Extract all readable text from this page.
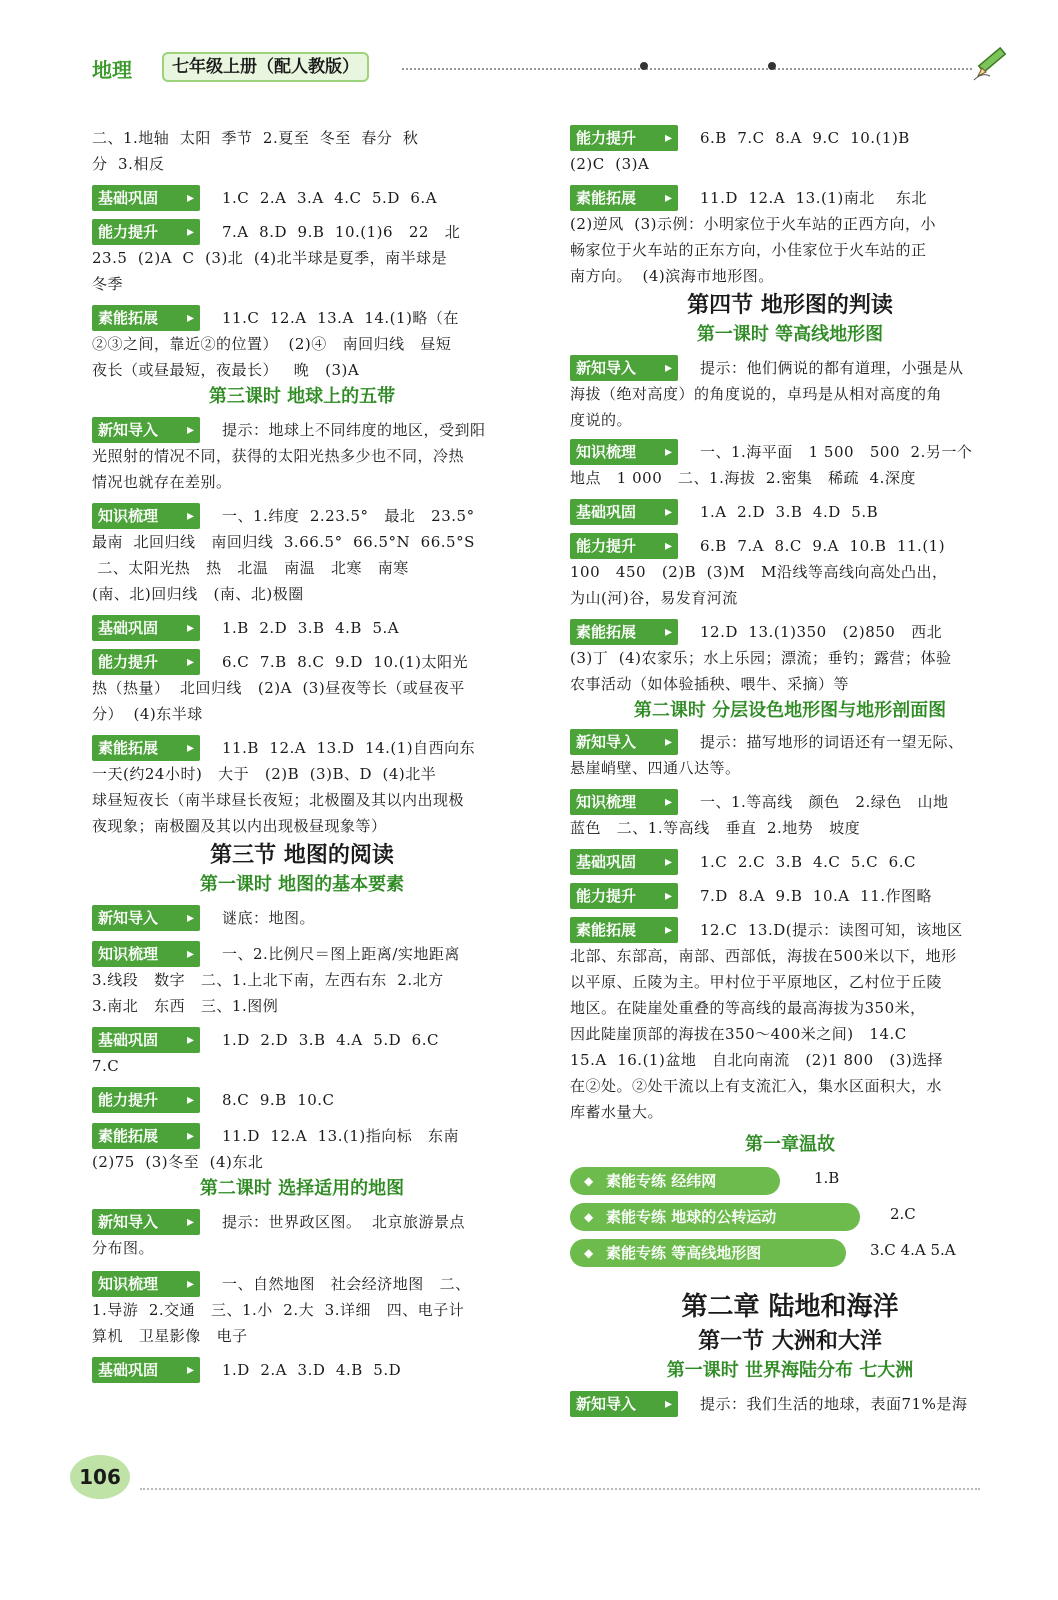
地理	七年级上册（配人教版）
二、1.地轴  太阳  季节  2.夏至  冬至  春分  秋
分  3.相反
基础巩固 ▸	1.C  2.A  3.A  4.C  5.D  6.A
能力提升 ▸	7.A  8.D  9.B  10.(1)6   22   北
23.5  (2)A  C  (3)北  (4)北半球是夏季，南半球是
冬季
素能拓展 ▸	11.C  12.A  13.A  14.(1)略（在
②③之间，靠近②的位置）  (2)④   南回归线   昼短
夜长（或昼最短，夜最长）   晚   (3)A
第三课时 地球上的五带
新知导入 ▸	提示：地球上不同纬度的地区，受到阳
光照射的情况不同，获得的太阳光热多少也不同，冷热
情况也就存在差别。
知识梳理 ▸	一、1.纬度  2.23.5°   最北   23.5°
最南  北回归线   南回归线  3.66.5°  66.5°N  66.5°S
二、太阳光热   热   北温   南温   北寒   南寒
(南、北)回归线   (南、北)极圈
基础巩固 ▸	1.B  2.D  3.B  4.B  5.A
能力提升 ▸	6.C  7.B  8.C  9.D  10.(1)太阳光
热（热量）  北回归线   (2)A  (3)昼夜等长（或昼夜平
分）  (4)东半球
素能拓展 ▸	11.B  12.A  13.D  14.(1)自西向东
一天(约24小时)   大于   (2)B  (3)B、D  (4)北半
球昼短夜长（南半球昼长夜短；北极圈及其以内出现极
夜现象；南极圈及其以内出现极昼现象等）
第三节 地图的阅读
第一课时 地图的基本要素
新知导入 ▸	谜底：地图。
知识梳理 ▸	一、2.比例尺＝图上距离/实地距离
3.线段   数字   二、1.上北下南，左西右东  2.北方
3.南北   东西   三、1.图例
基础巩固 ▸	1.D  2.D  3.B  4.A  5.D  6.C
7.C
能力提升 ▸	8.C  9.B  10.C
素能拓展 ▸	11.D  12.A  13.(1)指向标   东南
(2)75  (3)冬至  (4)东北
第二课时 选择适用的地图
新知导入 ▸	提示：世界政区图。  北京旅游景点
分布图。
知识梳理 ▸	一、自然地图   社会经济地图   二、
1.导游  2.交通   三、1.小  2.大  3.详细   四、电子计
算机   卫星影像   电子
基础巩固 ▸	1.D  2.A  3.D  4.B  5.D
能力提升 ▸	6.B  7.C  8.A  9.C  10.(1)B
(2)C  (3)A
素能拓展 ▸	11.D  12.A  13.(1)南北    东北
(2)逆风  (3)示例：小明家位于火车站的正西方向，小
畅家位于火车站的正东方向，小佳家位于火车站的正
南方向。  (4)滨海市地形图。
第四节 地形图的判读
第一课时 等高线地形图
新知导入 ▸	提示：他们俩说的都有道理，小强是从
海拔（绝对高度）的角度说的，卓玛是从相对高度的角
度说的。
知识梳理 ▸	一、1.海平面   1 500   500  2.另一个
地点   1 000   二、1.海拔  2.密集   稀疏  4.深度
基础巩固 ▸	1.A  2.D  3.B  4.D  5.B
能力提升 ▸	6.B  7.A  8.C  9.A  10.B  11.(1)
100   450   (2)B  (3)M   M沿线等高线向高处凸出，
为山(河)谷，易发育河流
素能拓展 ▸	12.D  13.(1)350   (2)850   西北
(3)丁  (4)农家乐；水上乐园；漂流；垂钓；露营；体验
农事活动（如体验插秧、喂牛、采摘）等
第二课时 分层设色地形图与地形剖面图
新知导入 ▸	提示：描写地形的词语还有一望无际、
悬崖峭壁、四通八达等。
知识梳理 ▸	一、1.等高线   颜色   2.绿色   山地
蓝色   二、1.等高线   垂直  2.地势   坡度
基础巩固 ▸	1.C  2.C  3.B  4.C  5.C  6.C
能力提升 ▸	7.D  8.A  9.B  10.A  11.作图略
素能拓展 ▸	12.C  13.D(提示：读图可知，该地区
北部、东部高，南部、西部低，海拔在500米以下，地形
以平原、丘陵为主。甲村位于平原地区，乙村位于丘陵
地区。在陡崖处重叠的等高线的最高海拔为350米，
因此陡崖顶部的海拔在350～400米之间)   14.C
15.A  16.(1)盆地   自北向南流   (2)1 800   (3)选择
在②处。②处干流以上有支流汇入，集水区面积大，水
库蓄水量大。
第一章温故
◆ 素能专练 经纬网	1.B
◆ 素能专练 地球的公转运动	2.C
◆ 素能专练 等高线地形图	3.C 4.A 5.A
第二章 陆地和海洋
第一节 大洲和大洋
第一课时 世界海陆分布 七大洲
新知导入 ▸	提示：我们生活的地球，表面71%是海
106
